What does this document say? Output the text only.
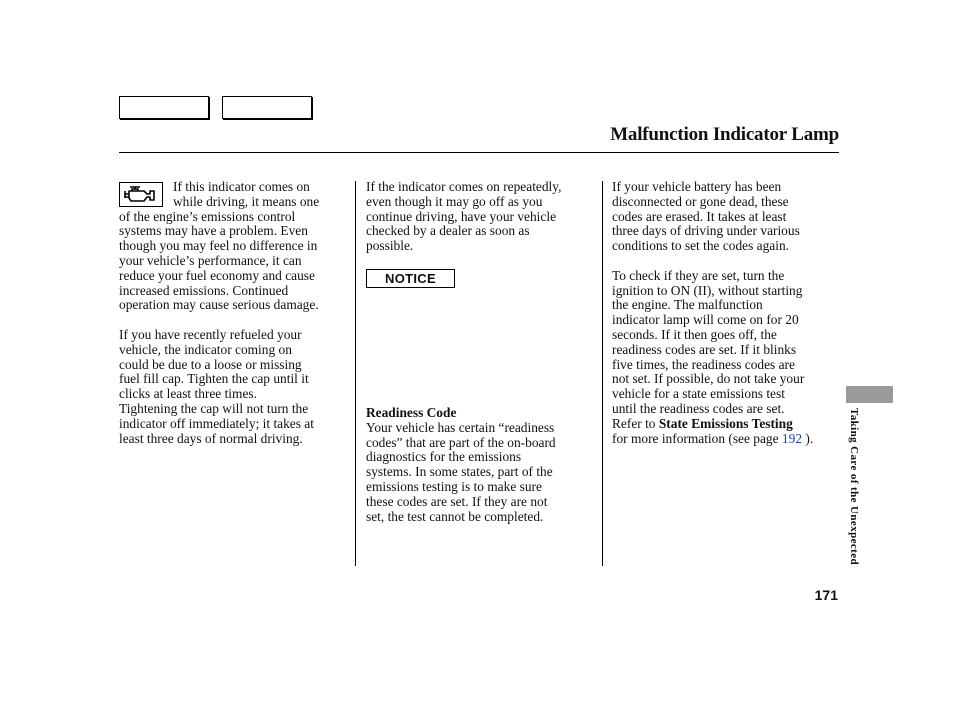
Malfunction Indicator Lamp

If this indicator comes on

while driving, it means one

of the engine’s emissions control

systems may have a problem. Even

though you may feel no difference in

your vehicle’s performance, it can

reduce your fuel economy and cause

increased emissions. Continued

operation may cause serious damage.

If you have recently refueled your

vehicle, the indicator coming on

could be due to a loose or missing

fuel fill cap. Tighten the cap until it

clicks at least three times.

Tightening the cap will not turn the

indicator off immediately; it takes at

least three days of normal driving.

If the indicator comes on repeatedly,

even though it may go off as you

continue driving, have your vehicle

checked by a dealer as soon as

possible.

NOTICE

Readiness Code

Your vehicle has certain “readiness

codes” that are part of the on-board

diagnostics for the emissions

systems. In some states, part of the

emissions testing is to make sure

these codes are set. If they are not

set, the test cannot be completed.

If your vehicle battery has been

disconnected or gone dead, these

codes are erased. It takes at least

three days of driving under various

conditions to set the codes again.

To check if they are set, turn the

ignition to ON (II), without starting

the engine. The malfunction

indicator lamp will come on for 20

seconds. If it then goes off, the

readiness codes are set. If it blinks

five times, the readiness codes are

not set. If possible, do not take your

vehicle for a state emissions test

until the readiness codes are set.

Refer to State Emissions Testing

for more information (see page 192 ).	Taking Care of the Unexpected
171
